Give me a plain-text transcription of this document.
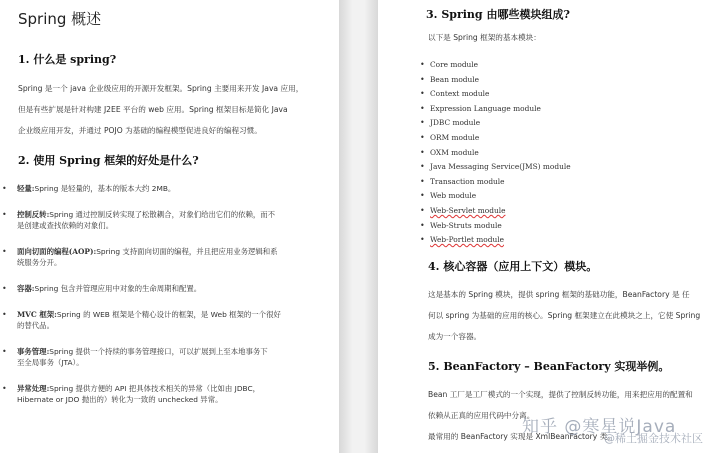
Spring 概述
1. 什么是 spring?
Spring 是一个 java 企业级应用的开源开发框架。Spring 主要用来开发 Java 应用，
但是有些扩展是针对构建 J2EE 平台的 web 应用。Spring 框架目标是简化 Java
企业级应用开发，并通过 POJO 为基础的编程模型促进良好的编程习惯。
2. 使用 Spring 框架的好处是什么?
• 轻量:Spring 是轻量的，基本的版本大约 2MB。
• 控制反转:Spring 通过控制反转实现了松散耦合，对象们给出它们的依赖，而不
是创建或查找依赖的对象们。
• 面向切面的编程(AOP):Spring 支持面向切面的编程，并且把应用业务逻辑和系
统服务分开。
• 容器:Spring 包含并管理应用中对象的生命周期和配置。
• MVC 框架:Spring 的 WEB 框架是个精心设计的框架，是 Web 框架的一个很好
的替代品。
• 事务管理:Spring 提供一个持续的事务管理接口，可以扩展到上至本地事务下
至全局事务（JTA）。
• 异常处理:Spring 提供方便的 API 把具体技术相关的异常（比如由 JDBC，
Hibernate or JDO 抛出的）转化为一致的 unchecked 异常。
3. Spring 由哪些模块组成?
以下是 Spring 框架的基本模块：
• Core module
• Bean module
• Context module
• Expression Language module
• JDBC module
• ORM module
• OXM module
• Java Messaging Service(JMS) module
• Transaction module
• Web module
• Web-Servlet module
• Web-Struts module
• Web-Portlet module
4. 核心容器（应用上下文）模块。
这是基本的 Spring 模块，提供 spring 框架的基础功能，BeanFactory 是 任
何以 spring 为基础的应用的核心。Spring 框架建立在此模块之上，它使 Spring
成为一个容器。
5. BeanFactory – BeanFactory 实现举例。
Bean 工厂是工厂模式的一个实现，提供了控制反转功能，用来把应用的配置和
依赖从正真的应用代码中分离。
最常用的 BeanFactory 实现是 XmlBeanFactory 类。
知乎 @寒星说Java
@稀土掘金技术社区
